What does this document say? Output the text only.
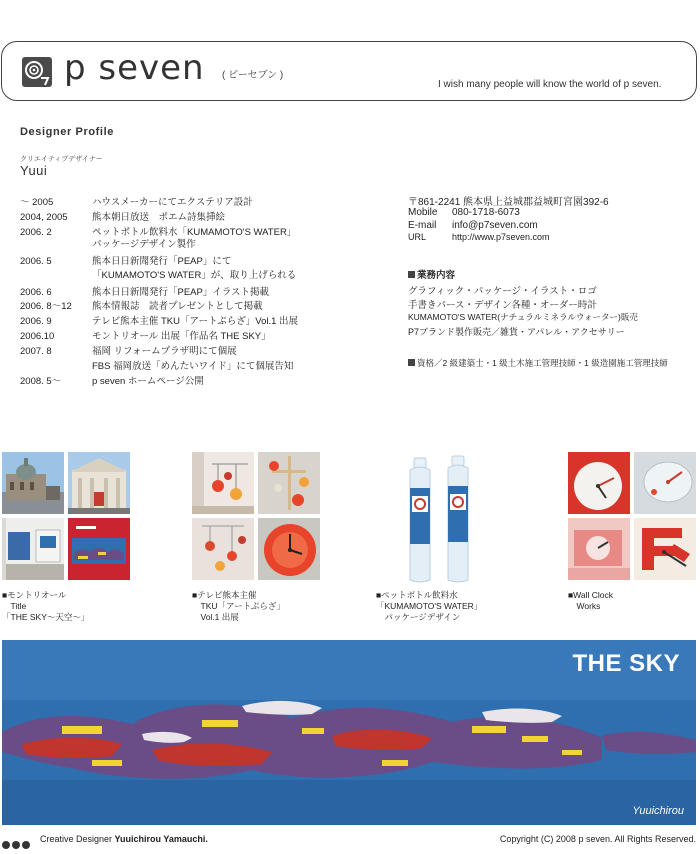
p seven ( ピーセブン )
I wish many people will know the world of p seven.
Designer Profile
クリエイティブデザイナー
Yuui
～ 2005	ハウスメーカーにてエクステリア設計
2004, 2005	熊本朝日放送　ポエム詩集挿絵
2006. 2	ペットボトル飲料水「KUMAMOTO'S WATER」
パッケージデザイン製作
2006. 5	熊本日日新聞発行「PEAP」にて
「KUMAMOTO'S WATER」が、取り上げられる
2006. 6	熊本日日新聞発行「PEAP」イラスト掲載
2006. 8～12 熊本情報誌　読者プレゼントとして掲載
2006. 9	テレビ熊本主催 TKU「アートぷらざ」Vol.1 出展
2006.10	モントリオール 出展「作品名 THE SKY」
2007. 8	福岡 リフォームプラザ明にて個展
FBS 福岡放送「めんたいワイド」にて個展告知
2008. 5～	p seven ホームページ公開
〒861-2241 熊本県上益城郡益城町宮園392-6
Mobile 080-1718-6073
E-mail info@p7seven.com
URL	http://www.p7seven.com
業務内容
グラフィック・パッケージ・イラスト・ロゴ
手書きパース・デザイン各種・オーダー時計
KUMAMOTO'S WATER(ナチュラルミネラルウォーター)販売
P7ブランド製作販売／雑貨・アパレル・アクセサリー
資格／2 級建築士・1 級土木施工管理技師・1 級造園施工管理技師
■モントリオール
　Title
「THE SKY～天空～」
■テレビ熊本主催
　TKU「アートぷらざ」
　Vol.1 出展
■ペットボトル飲料水
「KUMAMOTO'S WATER」
　パッケージデザイン
■Wall Clock
　Works
THE SKY
Yuuichirou
Creative Designer Yuuichirou Yamauchi.	Copyright (C) 2008 p seven. All Rights Reserved.
